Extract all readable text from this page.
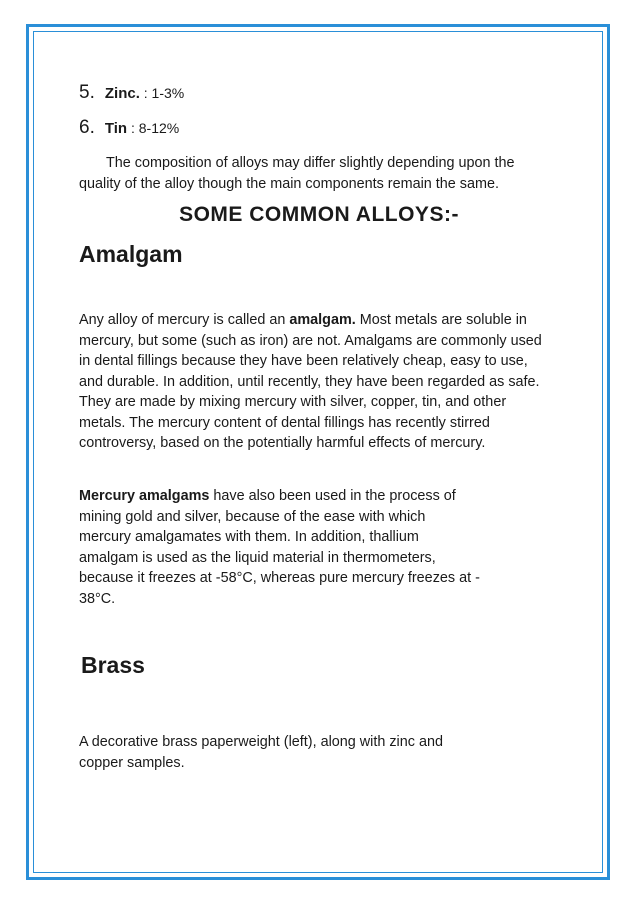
5. Zinc. : 1-3%
6. Tin : 8-12%
The composition of alloys may differ slightly depending upon the
quality of the alloy though the main components remain the same.
SOME COMMON ALLOYS:-
Amalgam
Any alloy of mercury is called an amalgam. Most metals are soluble in
mercury, but some (such as iron) are not. Amalgams are commonly used
in dental fillings because they have been relatively cheap, easy to use,
and durable. In addition, until recently, they have been regarded as safe.
They are made by mixing mercury with silver, copper, tin, and other
metals. The mercury content of dental fillings has recently stirred
controversy, based on the potentially harmful effects of mercury.
Mercury amalgams have also been used in the process of
mining gold and silver, because of the ease with which
mercury amalgamates with them. In addition, thallium
amalgam is used as the liquid material in thermometers,
because it freezes at -58°C, whereas pure mercury freezes at -
38°C.
Brass
A decorative brass paperweight (left), along with zinc and
copper samples.
